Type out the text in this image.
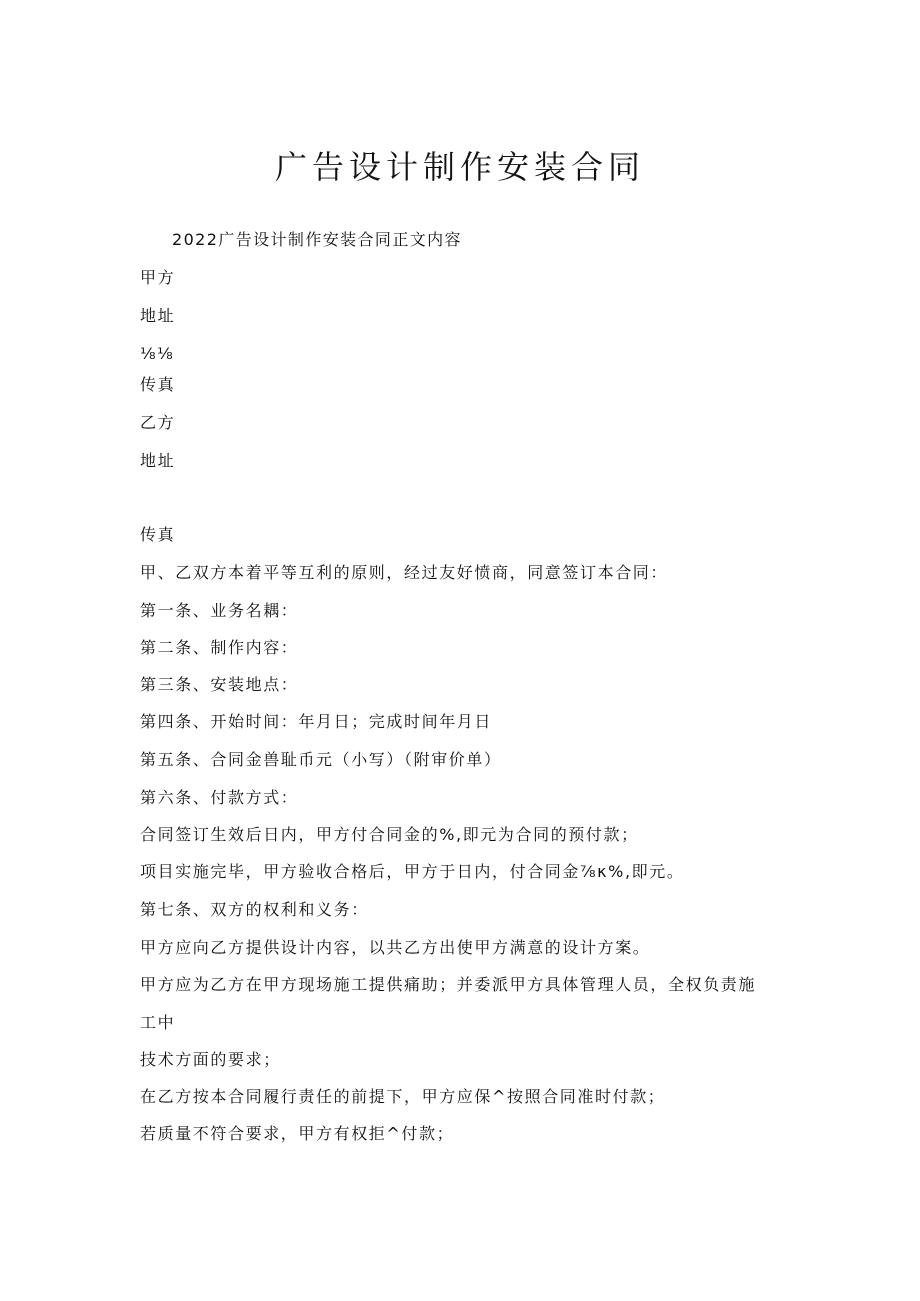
广告设计制作安装合同
2022广告设计制作安装合同正文内容
甲方
地址
⅛⅛
传真
乙方
地址
传真
甲、乙双方本着平等互利的原则，经过友好愤商，同意签订本合同：
第一条、业务名耦：
第二条、制作内容：
第三条、安装地点：
第四条、开始时间：年月日；完成时间年月日
第五条、合同金兽耻币元（小写）（附审价单）
第六条、付款方式：
合同签订生效后日内，甲方付合同金的%,即元为合同的预付款；
项目实施完毕，甲方验收合格后，甲方于日内，付合同金⅞κ%,即元。
第七条、双方的权利和义务：
甲方应向乙方提供设计内容，以共乙方出使甲方满意的设计方案。
甲方应为乙方在甲方现场施工提供痛助；并委派甲方具体管理人员，全权负责施
工中
技术方面的要求；
在乙方按本合同履行责任的前提下，甲方应保^按照合同准时付款；
若质量不符合要求，甲方有权拒^付款；
